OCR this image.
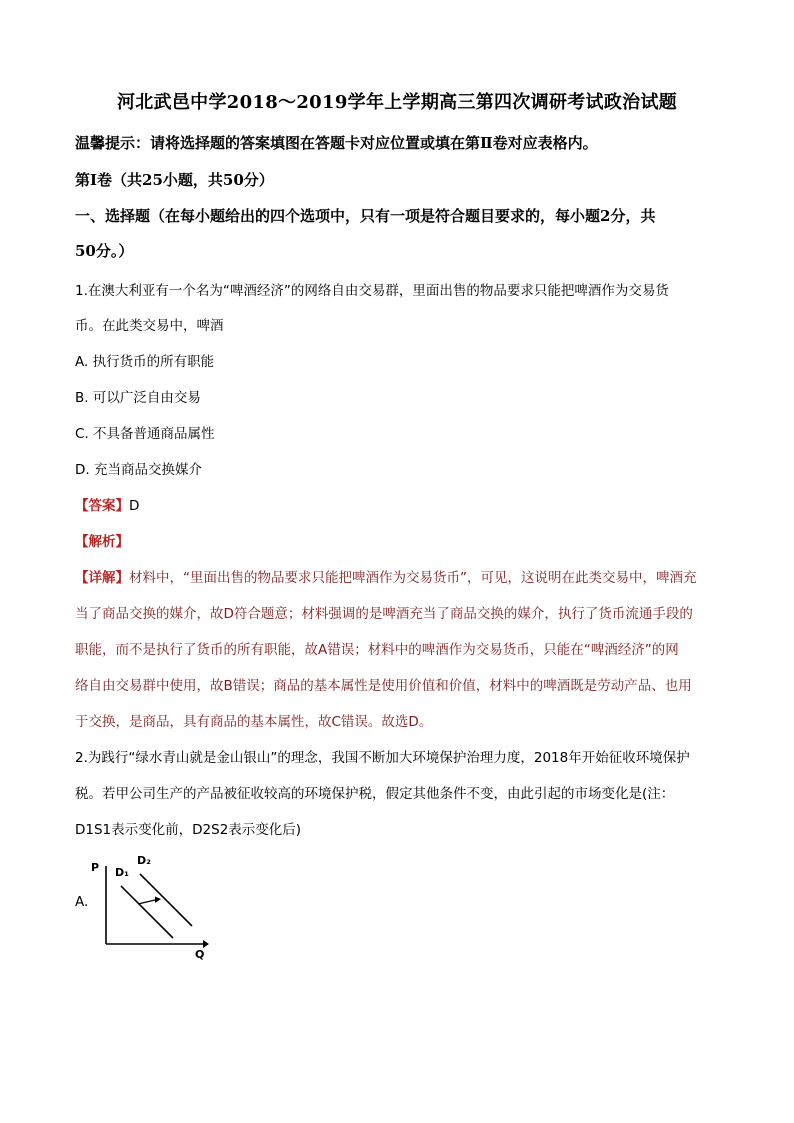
河北武邑中学2018～2019学年上学期高三第四次调研考试政治试题
温馨提示：请将选择题的答案填图在答题卡对应位置或填在第Ⅱ卷对应表格内。
第Ⅰ卷（共25小题，共50分）
一、选择题（在每小题给出的四个选项中，只有一项是符合题目要求的，每小题2分，共
50分。）
1.在澳大利亚有一个名为“啤酒经济”的网络自由交易群，里面出售的物品要求只能把啤酒作为交易货
币。在此类交易中，啤酒
A. 执行货币的所有职能
B. 可以广泛自由交易
C. 不具备普通商品属性
D. 充当商品交换媒介
【答案】D
【解析】
【详解】材料中，“里面出售的物品要求只能把啤酒作为交易货币”，可见，这说明在此类交易中，啤酒充
当了商品交换的媒介，故D符合题意；材料强调的是啤酒充当了商品交换的媒介，执行了货币流通手段的
职能，而不是执行了货币的所有职能，故A错误；材料中的啤酒作为交易货币，只能在“啤酒经济”的网
络自由交易群中使用，故B错误；商品的基本属性是使用价值和价值，材料中的啤酒既是劳动产品、也用
于交换，是商品，具有商品的基本属性，故C错误。故选D。
2.为践行“绿水青山就是金山银山”的理念，我国不断加大环境保护治理力度，2018年开始征收环境保护
税。若甲公司生产的产品被征收较高的环境保护税，假定其他条件不变，由此引起的市场变化是(注：
D1S1表示变化前，D2S2表示变化后)
A.
P
Q
D₁
D₂
